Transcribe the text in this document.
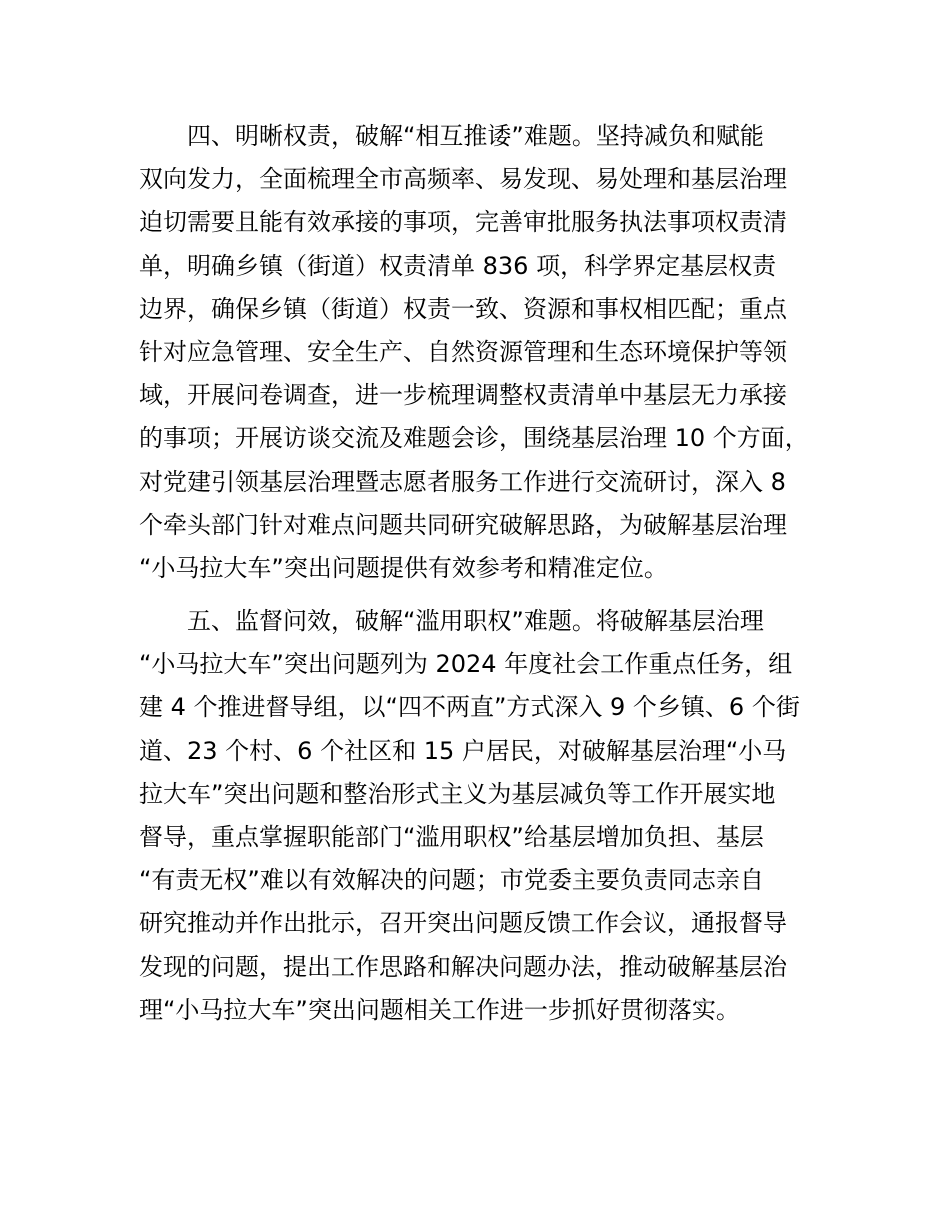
四、明晰权责，破解“相互推诿”难题。坚持减负和赋能
双向发力，全面梳理全市高频率、易发现、易处理和基层治理
迫切需要且能有效承接的事项，完善审批服务执法事项权责清
单，明确乡镇（街道）权责清单 836 项，科学界定基层权责
边界，确保乡镇（街道）权责一致、资源和事权相匹配；重点
针对应急管理、安全生产、自然资源管理和生态环境保护等领
域，开展问卷调查，进一步梳理调整权责清单中基层无力承接
的事项；开展访谈交流及难题会诊，围绕基层治理 10 个方面，
对党建引领基层治理暨志愿者服务工作进行交流研讨，深入 8
个牵头部门针对难点问题共同研究破解思路，为破解基层治理
“小马拉大车”突出问题提供有效参考和精准定位。
五、监督问效，破解“滥用职权”难题。将破解基层治理
“小马拉大车”突出问题列为 2024 年度社会工作重点任务，组
建 4 个推进督导组，以“四不两直”方式深入 9 个乡镇、6 个街
道、23 个村、6 个社区和 15 户居民，对破解基层治理“小马
拉大车”突出问题和整治形式主义为基层减负等工作开展实地
督导，重点掌握职能部门“滥用职权”给基层增加负担、基层
“有责无权”难以有效解决的问题；市党委主要负责同志亲自
研究推动并作出批示，召开突出问题反馈工作会议，通报督导
发现的问题，提出工作思路和解决问题办法，推动破解基层治
理“小马拉大车”突出问题相关工作进一步抓好贯彻落实。
